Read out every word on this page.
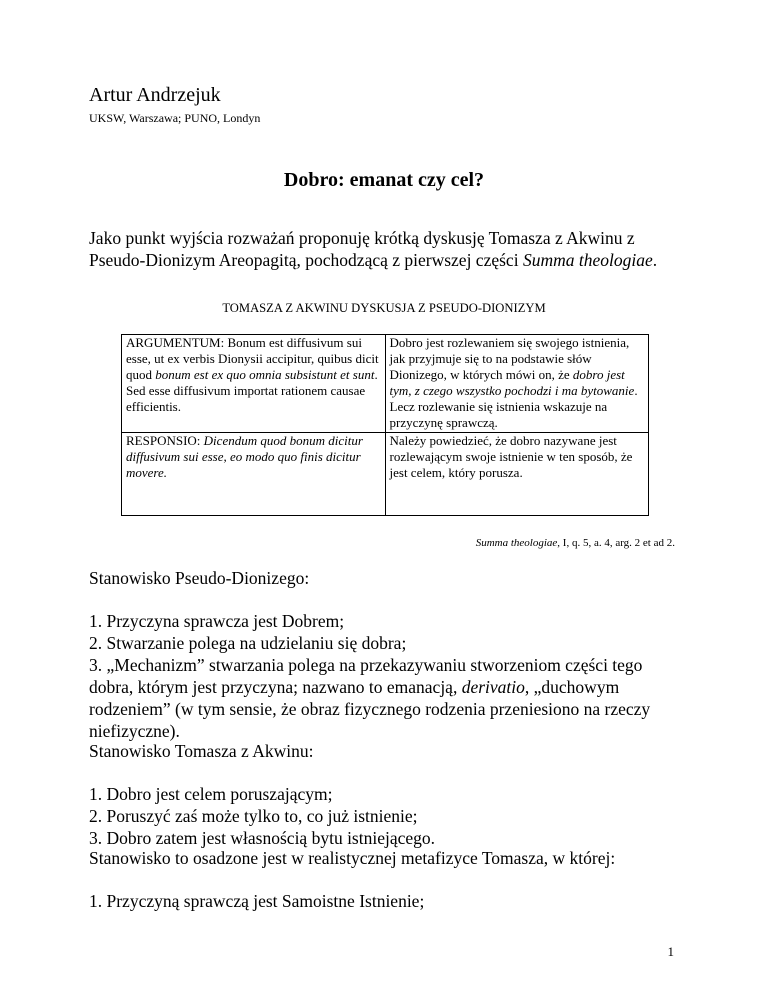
Artur Andrzejuk
UKSW, Warszawa; PUNO, Londyn
Dobro: emanat czy cel?

Jako punkt wyjścia rozważań proponuję krótką dyskusję Tomasza z Akwinu z Pseudo-Dionizym Areopagitą, pochodzącą z pierwszej części Summa theologiae.

TOMASZA Z AKWINU DYSKUSJA Z PSEUDO-DIONIZYM
ARGUMENTUM: Bonum est diffusivum sui esse, ut ex verbis Dionysii accipitur, quibus dicit quod bonum est ex quo omnia subsistunt et sunt. Sed esse diffusivum importat rationem causae efficientis.	Dobro jest rozlewaniem się swojego istnienia, jak przyjmuje się to na podstawie słów Dionizego, w których mówi on, że dobro jest tym, z czego wszystko pochodzi i ma bytowanie. Lecz rozlewanie się istnienia wskazuje na przyczynę sprawczą.
RESPONSIO: Dicendum quod bonum dicitur diffusivum sui esse, eo modo quo finis dicitur movere.	Należy powiedzieć, że dobro nazywane jest rozlewającym swoje istnienie w ten sposób, że jest celem, który porusza.
Summa theologiae, I, q. 5, a. 4, arg. 2 et ad 2.

Stanowisko Pseudo-Dionizego:

1. Przyczyna sprawcza jest Dobrem;

2. Stwarzanie polega na udzielaniu się dobra;

3. „Mechanizm” stwarzania polega na przekazywaniu stworzeniom części tego dobra, którym jest przyczyna; nazwano to emanacją, derivatio, „duchowym rodzeniem” (w tym sensie, że obraz fizycznego rodzenia przeniesiono na rzeczy niefizyczne).

Stanowisko Tomasza z Akwinu:

1. Dobro jest celem poruszającym;

2. Poruszyć zaś może tylko to, co już istnienie;

3. Dobro zatem jest własnością bytu istniejącego.

Stanowisko to osadzone jest w realistycznej metafizyce Tomasza, w której:

1. Przyczyną sprawczą jest Samoistne Istnienie;

1
